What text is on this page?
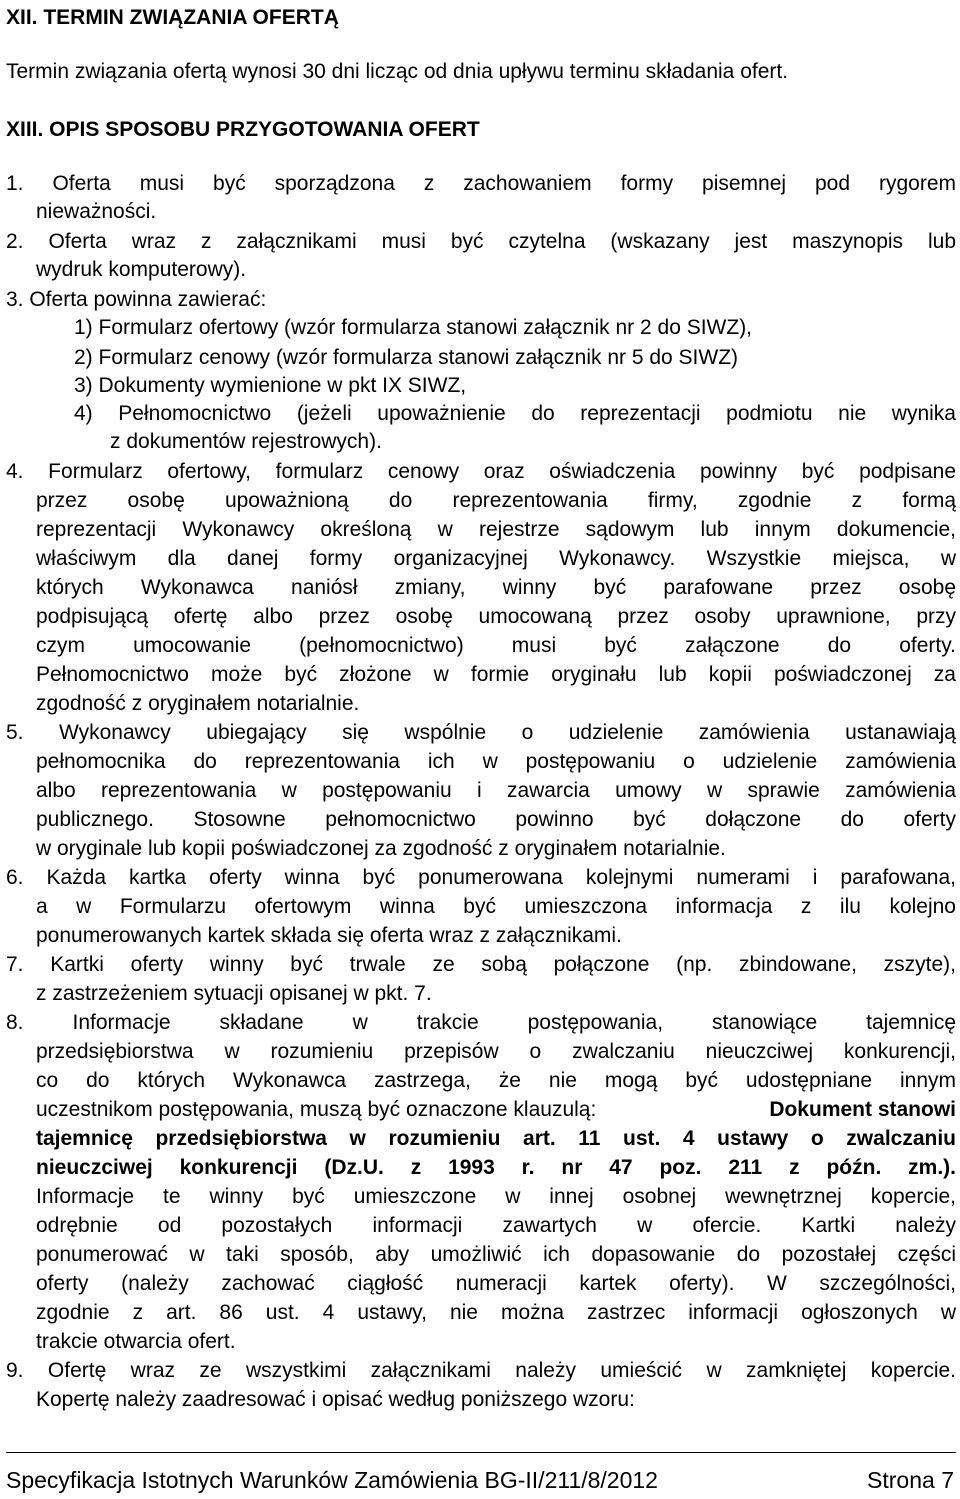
XII. TERMIN ZWIĄZANIA OFERTĄ
Termin związania ofertą wynosi 30 dni licząc od dnia upływu terminu składania ofert.
XIII. OPIS SPOSOBU PRZYGOTOWANIA OFERT
1. Oferta musi być sporządzona z zachowaniem formy pisemnej pod rygorem
nieważności.
2. Oferta wraz z załącznikami musi być czytelna (wskazany jest maszynopis lub
wydruk komputerowy).
3. Oferta powinna zawierać:
1) Formularz ofertowy (wzór formularza stanowi załącznik nr 2 do SIWZ),
2) Formularz cenowy (wzór formularza stanowi załącznik nr 5 do SIWZ)
3) Dokumenty wymienione w pkt IX SIWZ,
4) Pełnomocnictwo (jeżeli upoważnienie do reprezentacji podmiotu nie wynika
z dokumentów rejestrowych).
4. Formularz ofertowy, formularz cenowy oraz oświadczenia powinny być podpisane
przez osobę upoważnioną do reprezentowania firmy, zgodnie z formą
reprezentacji Wykonawcy określoną w rejestrze sądowym lub innym dokumencie,
właściwym dla danej formy organizacyjnej Wykonawcy. Wszystkie miejsca, w
których Wykonawca naniósł zmiany, winny być parafowane przez osobę
podpisującą ofertę albo przez osobę umocowaną przez osoby uprawnione, przy
czym umocowanie (pełnomocnictwo) musi być załączone do oferty.
Pełnomocnictwo może być złożone w formie oryginału lub kopii poświadczonej za
zgodność z oryginałem notarialnie.
5. Wykonawcy ubiegający się wspólnie o udzielenie zamówienia ustanawiają
pełnomocnika do reprezentowania ich w postępowaniu o udzielenie zamówienia
albo reprezentowania w postępowaniu i zawarcia umowy w sprawie zamówienia
publicznego. Stosowne pełnomocnictwo powinno być dołączone do oferty
w oryginale lub kopii poświadczonej za zgodność z oryginałem notarialnie.
6. Każda kartka oferty winna być ponumerowana kolejnymi numerami i parafowana,
a w Formularzu ofertowym winna być umieszczona informacja z ilu kolejno
ponumerowanych kartek składa się oferta wraz z załącznikami.
7. Kartki oferty winny być trwale ze sobą połączone (np. zbindowane, zszyte),
z zastrzeżeniem sytuacji opisanej w pkt. 7.
8. Informacje składane w trakcie postępowania, stanowiące tajemnicę
przedsiębiorstwa w rozumieniu przepisów o zwalczaniu nieuczciwej konkurencji,
co do których Wykonawca zastrzega, że nie mogą być udostępniane innym
uczestnikom postępowania, muszą być oznaczone klauzulą:	Dokument stanowi
tajemnicę przedsiębiorstwa w rozumieniu art. 11 ust. 4 ustawy o zwalczaniu
nieuczciwej konkurencji (Dz.U. z 1993 r. nr 47 poz. 211 z późn. zm.).
Informacje te winny być umieszczone w innej osobnej wewnętrznej kopercie,
odrębnie od pozostałych informacji zawartych w ofercie. Kartki należy
ponumerować w taki sposób, aby umożliwić ich dopasowanie do pozostałej części
oferty (należy zachować ciągłość numeracji kartek oferty). W szczególności,
zgodnie z art. 86 ust. 4 ustawy, nie można zastrzec informacji ogłoszonych w
trakcie otwarcia ofert.
9. Ofertę wraz ze wszystkimi załącznikami należy umieścić w zamkniętej kopercie.
Kopertę należy zaadresować i opisać według poniższego wzoru:
Specyfikacja Istotnych Warunków Zamówienia BG-II/211/8/2012	Strona 7
